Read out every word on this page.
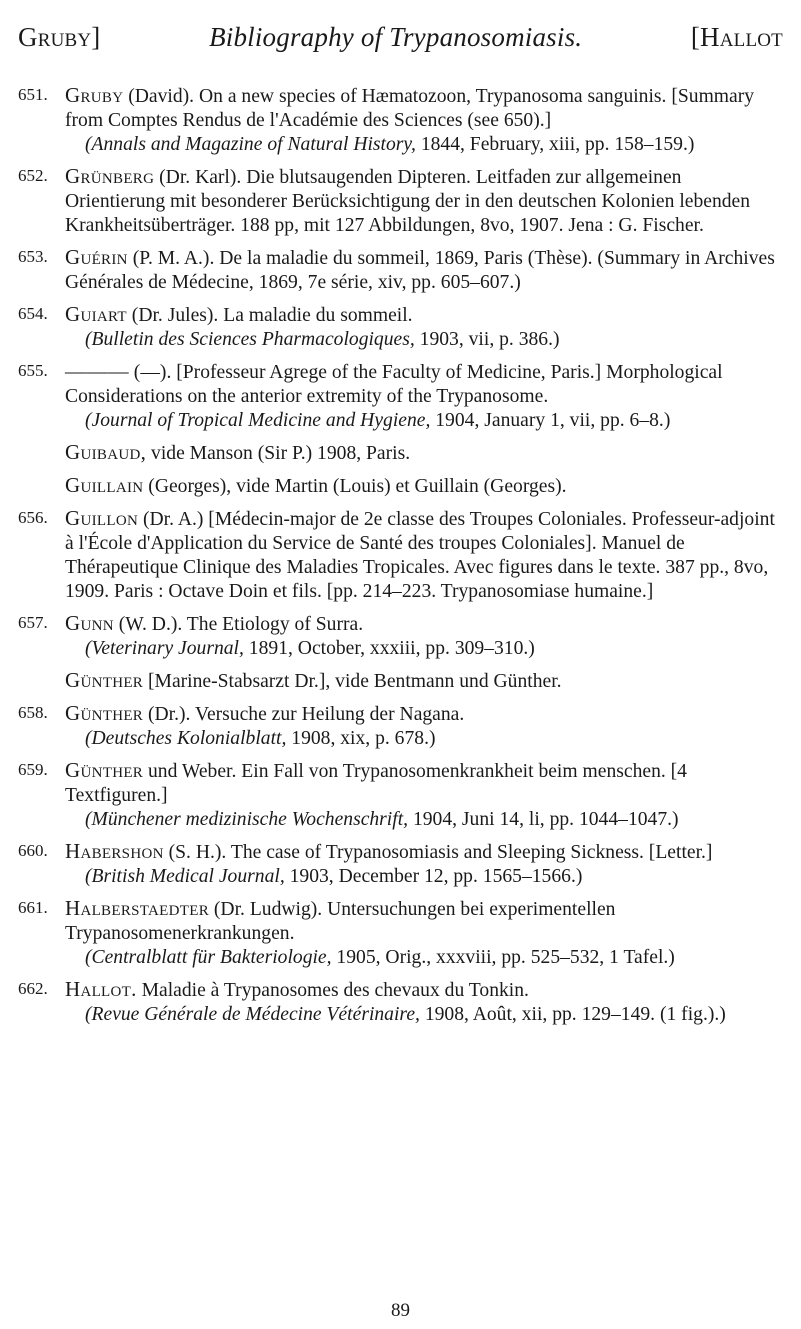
Gruby]	Bibliography of Trypanosomiasis.	[Hallot
651. Gruby (David). On a new species of Hæmatozoon, Trypanosoma sanguinis. [Summary from Comptes Rendus de l'Académie des Sciences (see 650).]
(Annals and Magazine of Natural History, 1844, February, xiii, pp. 158–159.)
652. Grünberg (Dr. Karl). Die blutsaugenden Dipteren. Leitfaden zur allgemeinen Orientierung mit besonderer Berücksichtigung der in den deutschen Kolonien lebenden Krankheitsüberträger. 188 pp, mit 127 Abbildungen, 8vo, 1907. Jena : G. Fischer.
653. Guérin (P. M. A.). De la maladie du sommeil, 1869, Paris (Thèse). (Summary in Archives Générales de Médecine, 1869, 7e série, xiv, pp. 605–607.)
654. Guiart (Dr. Jules). La maladie du sommeil.
(Bulletin des Sciences Pharmacologiques, 1903, vii, p. 386.)
655. ——— (—). [Professeur Agrege of the Faculty of Medicine, Paris.] Morphological Considerations on the anterior extremity of the Trypanosome.
(Journal of Tropical Medicine and Hygiene, 1904, January 1, vii, pp. 6–8.)
Guibaud, vide Manson (Sir P.) 1908, Paris.
Guillain (Georges), vide Martin (Louis) et Guillain (Georges).
656. Guillon (Dr. A.) [Médecin-major de 2e classe des Troupes Coloniales. Professeur-adjoint à l'École d'Application du Service de Santé des troupes Coloniales]. Manuel de Thérapeutique Clinique des Maladies Tropicales. Avec figures dans le texte. 387 pp., 8vo, 1909. Paris : Octave Doin et fils. [pp. 214–223. Trypanosomiase humaine.]
657. Gunn (W. D.). The Etiology of Surra.
(Veterinary Journal, 1891, October, xxxiii, pp. 309–310.)
Günther [Marine-Stabsarzt Dr.], vide Bentmann und Günther.
658. Günther (Dr.). Versuche zur Heilung der Nagana.
(Deutsches Kolonialblatt, 1908, xix, p. 678.)
659. Günther und Weber. Ein Fall von Trypanosomenkrankheit beim menschen. [4 Textfiguren.]
(Münchener medizinische Wochenschrift, 1904, Juni 14, li, pp. 1044–1047.)
660. Habershon (S. H.). The case of Trypanosomiasis and Sleeping Sickness. [Letter.]
(British Medical Journal, 1903, December 12, pp. 1565–1566.)
661. Halberstaedter (Dr. Ludwig). Untersuchungen bei experimentellen Trypanosomenerkrankungen.
(Centralblatt für Bakteriologie, 1905, Orig., xxxviii, pp. 525–532, 1 Tafel.)
662. Hallot. Maladie à Trypanosomes des chevaux du Tonkin.
(Revue Générale de Médecine Vétérinaire, 1908, Août, xii, pp. 129–149. (1 fig.).)
89
